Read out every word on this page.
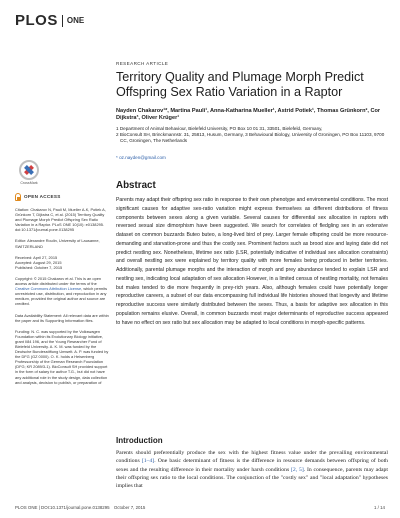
PLOS ONE
RESEARCH ARTICLE
Territory Quality and Plumage Morph Predict Offspring Sex Ratio Variation in a Raptor
Nayden Chakarov¹*, Martina Pauli¹, Anna-Katharina Mueller¹, Astrid Potiek¹, Thomas Grünkorn², Cor Dijkstra³, Oliver Krüger¹
1 Department of Animal Behaviour, Bielefeld University, PO Box 10 01 31, 33501, Bielefeld, Germany,
2 BioConsult SH, Brinckmannstr. 31, 25813, Husum, Germany, 3 Behavioural Biology, University of Groningen, PO Box 11103, 9700 CC, Groningen, The Netherlands
* oz.nayden@gmail.com
CrossMark
OPEN ACCESS
Citation: Chakarov N, Pauli M, Mueller A-K, Potiek A, Grünkorn T, Dijkstra C, et al. (2015) Territory Quality and Plumage Morph Predict Offspring Sex Ratio Variation in a Raptor. PLoS ONE 10(10): e0138295. doi:10.1371/journal.pone.0138295
Editor: Alexandre Roulin, University of Lausanne, SWITZERLAND
Received: April 27, 2015
Accepted: August 29, 2015
Published: October 7, 2015
Copyright: © 2015 Chakarov et al. This is an open access article distributed under the terms of the Creative Commons Attribution License, which permits unrestricted use, distribution, and reproduction in any medium, provided the original author and source are credited.
Data Availability Statement: All relevant data are within the paper and its Supporting Information files.
Funding: N. C. was supported by the Volkswagen Foundation within its Evolutionary Biology initiative, grant I/84 196, and the Young Researcher Fund of Bielefeld University. A. K. M. was funded by the Deutsche Bundesstiftung Umwelt. A. P. was funded by the DFG (GZ 0000). O. K. holds a Heisenberg Professorship of the German Research Foundation (DFG; KR 2089/3-1). BioConsult SH provided support in the form of salary for author T.G., but did not have any additional role in the study design, data collection and analysis, decision to publish, or preparation of
Abstract

Parents may adapt their offspring sex ratio in response to their own phenotype and environmental conditions. The most significant causes for adaptive sex-ratio variation might express themselves as different distributions of fitness components between sexes along a given variable. Several causes for differential sex allocation in raptors with reversed sexual size dimorphism have been suggested. We search for correlates of fledgling sex in an extensive dataset on common buzzards Buteo buteo, a long-lived bird of prey. Larger female offspring could be more resource-demanding and starvation-prone and thus the costly sex. Prominent factors such as brood size and laying date did not predict nestling sex. Nonetheless, lifetime sex ratio (LSR, potentially indicative of individual sex allocation constraints) and overall nestling sex were explained by territory quality with more females being produced in better territories. Additionally, parental plumage morphs and the interaction of morph and prey abundance tended to explain LSR and nestling sex, indicating local adaptation of sex allocation However, in a limited census of nestling mortality, not females but males tended to die more frequently in prey-rich years. Also, although females could have potentially longer reproductive careers, a subset of our data encompassing full individual life histories showed that longevity and lifetime reproductive success were similarly distributed between the sexes. Thus, a basis for adaptive sex allocation in this population remains elusive. Overall, in common buzzards most major determinants of reproductive success appeared to have no effect on sex ratio but sex allocation may be adapted to local conditions in morph-specific patterns.

Introduction

Parents should preferentially produce the sex with the highest fitness value under the prevailing environmental conditions [1–4]. One basic determinant of fitness is the difference in resource demands between offspring of both sexes and the resulting difference in their mortality under harsh conditions [2, 5]. In consequence, parents may adapt their offspring sex ratio to the local conditions. The conjunction of the "costly sex" and "local adaptation" hypotheses implies that

PLOS ONE | DOI:10.1371/journal.pone.0138295 October 7, 2015	1 / 14
